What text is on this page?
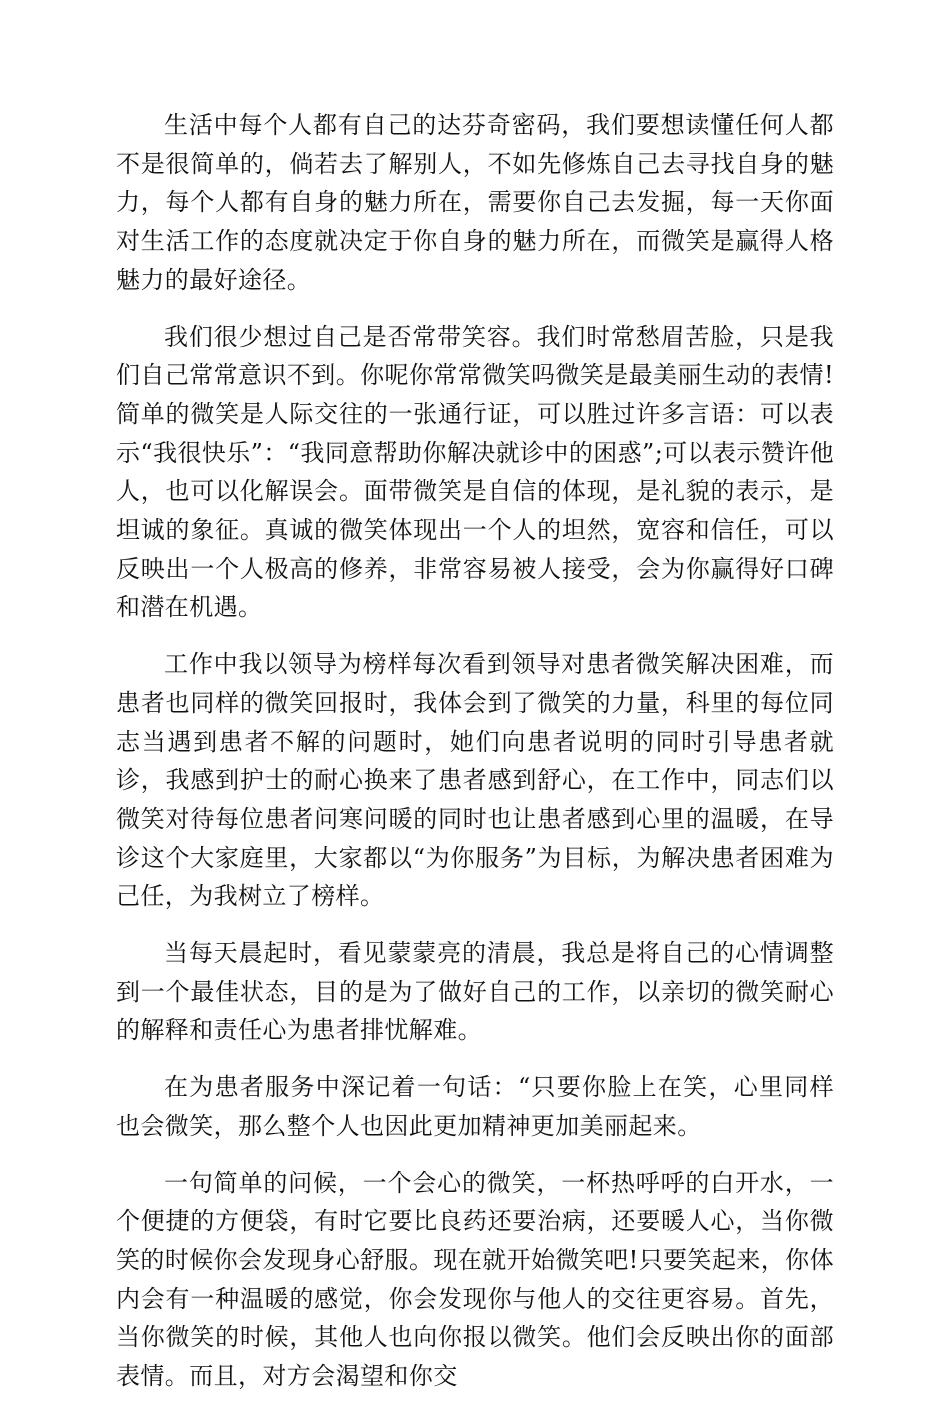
生活中每个人都有自己的达芬奇密码，我们要想读懂任何人都不是很简单的，倘若去了解别人，不如先修炼自己去寻找自身的魅力，每个人都有自身的魅力所在，需要你自己去发掘，每一天你面对生活工作的态度就决定于你自身的魅力所在，而微笑是赢得人格魅力的最好途径。

我们很少想过自己是否常带笑容。我们时常愁眉苦脸，只是我们自己常常意识不到。你呢你常常微笑吗微笑是最美丽生动的表情!简单的微笑是人际交往的一张通行证，可以胜过许多言语：可以表示“我很快乐”：“我同意帮助你解决就诊中的困惑”;可以表示赞许他人，也可以化解误会。面带微笑是自信的体现，是礼貌的表示，是坦诚的象征。真诚的微笑体现出一个人的坦然，宽容和信任，可以反映出一个人极高的修养，非常容易被人接受，会为你赢得好口碑和潜在机遇。

工作中我以领导为榜样每次看到领导对患者微笑解决困难，而患者也同样的微笑回报时，我体会到了微笑的力量，科里的每位同志当遇到患者不解的问题时，她们向患者说明的同时引导患者就诊，我感到护士的耐心换来了患者感到舒心，在工作中，同志们以微笑对待每位患者问寒问暖的同时也让患者感到心里的温暖，在导诊这个大家庭里，大家都以“为你服务”为目标，为解决患者困难为己任，为我树立了榜样。

当每天晨起时，看见蒙蒙亮的清晨，我总是将自己的心情调整到一个最佳状态，目的是为了做好自己的工作，以亲切的微笑耐心的解释和责任心为患者排忧解难。

在为患者服务中深记着一句话：“只要你脸上在笑，心里同样也会微笑，那么整个人也因此更加精神更加美丽起来。

一句简单的问候，一个会心的微笑，一杯热呼呼的白开水，一个便捷的方便袋，有时它要比良药还要治病，还要暖人心，当你微笑的时候你会发现身心舒服。现在就开始微笑吧!只要笑起来，你体内会有一种温暖的感觉，你会发现你与他人的交往更容易。首先，当你微笑的时候，其他人也向你报以微笑。他们会反映出你的面部表情。而且，对方会渴望和你交
